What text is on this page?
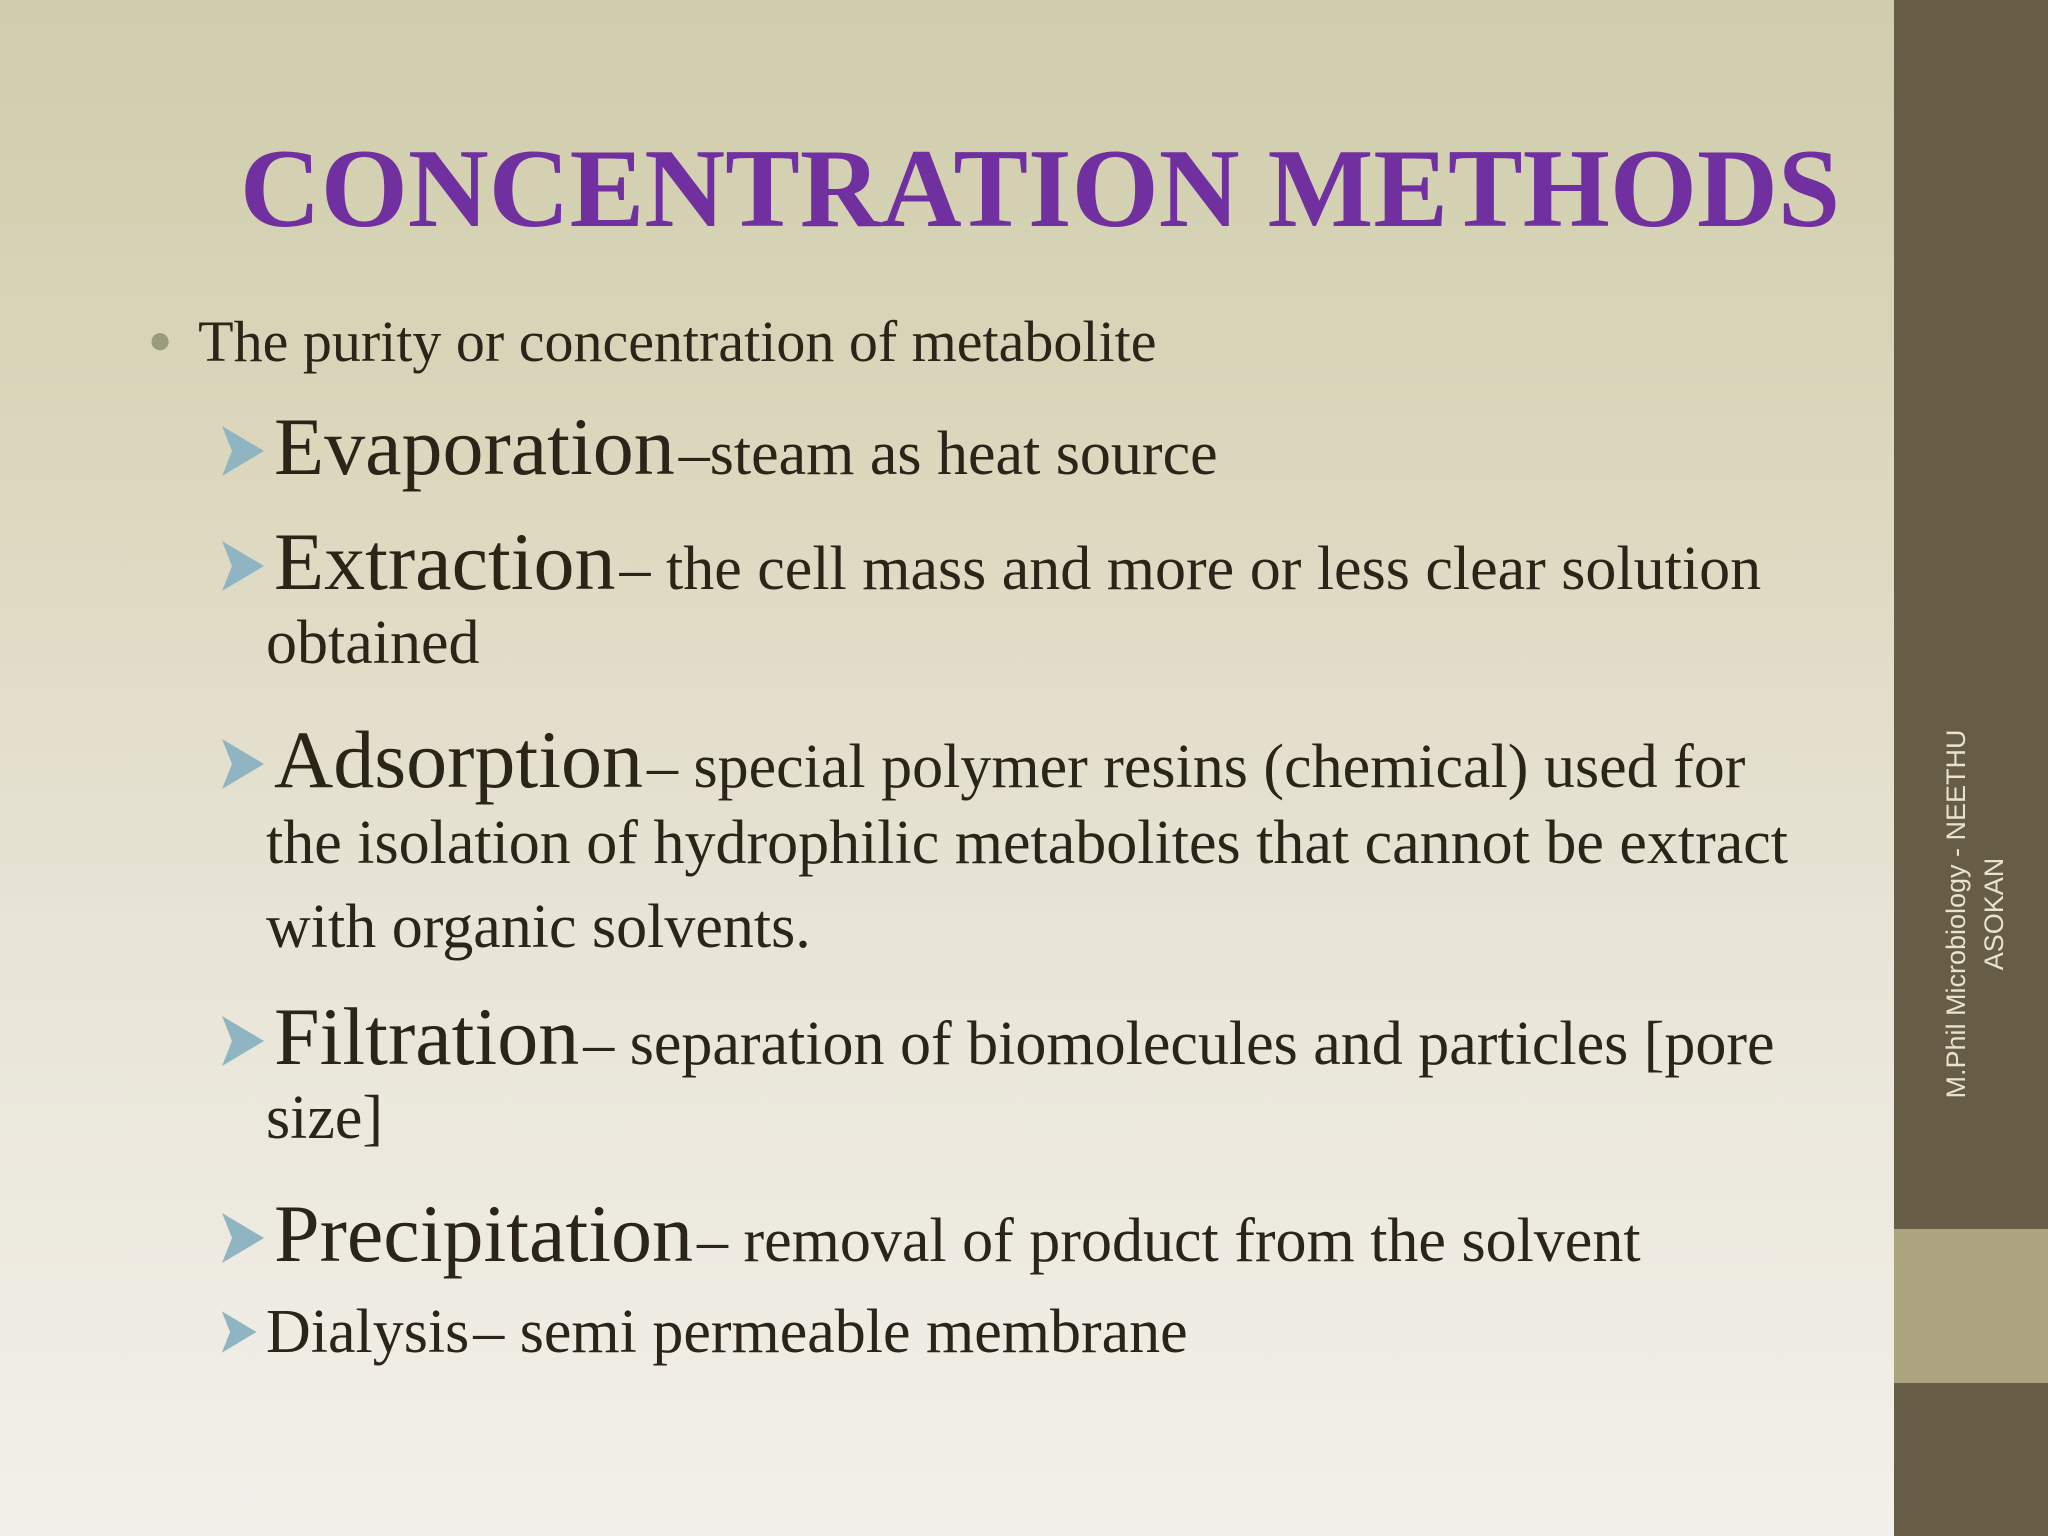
CONCENTRATION METHODS
● The purity or concentration of metabolite
Evaporation –steam as heat source
Extraction – the cell mass and more or less clear solution
obtained
Adsorption – special polymer resins (chemical) used for
the isolation of hydrophilic metabolites that cannot be extract
with organic solvents.
Filtration – separation of biomolecules and particles [pore
size]
Precipitation – removal of product from the solvent
Dialysis – semi permeable membrane
M.Phil Microbiology - NEETHU ASOKAN
